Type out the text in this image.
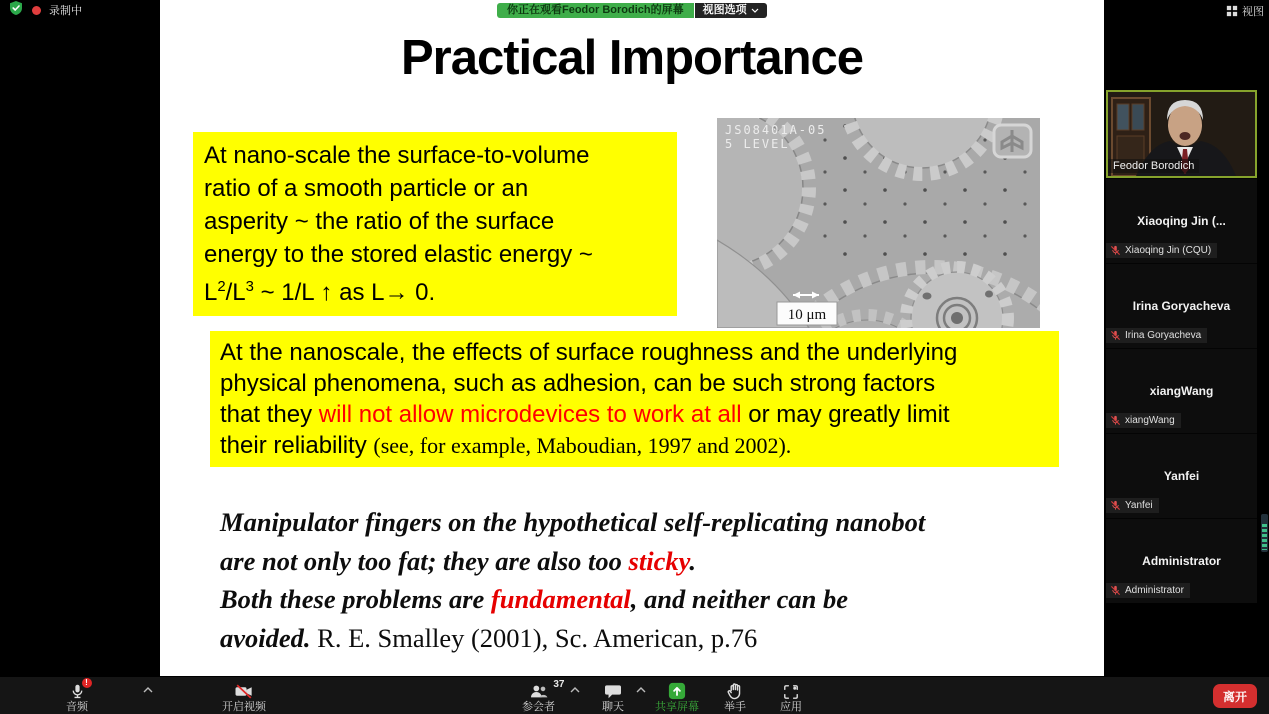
录制中	你正在观看Feodor Borodich的屏幕	视图选项	视图
Practical Importance
At nano-scale the surface-to-volume
ratio of a smooth particle or an
asperity ~ the ratio of the surface
energy to the stored elastic energy ~
$L^2/L^3$ ~ 1/L ↑ as L→ 0.
JS08401A-05
5 LEVEL
10 μm
At the nanoscale, the effects of surface roughness and the underlying
physical phenomena, such as adhesion, can be such strong factors
that they will not allow microdevices to work at all or may greatly limit
their reliability (see, for example, Maboudian, 1997 and 2002).
Manipulator fingers on the hypothetical self-replicating nanobot
are not only too fat; they are also too sticky.
Both these problems are fundamental, and neither can be
avoided. R. E. Smalley (2001), Sc. American, p.76
Feodor Borodich
Xiaoqing Jin (...
Xiaoqing Jin (CQU)
Irina Goryacheva
Irina Goryacheva
xiangWang
xiangWang
Yanfei
Yanfei
Administrator
Administrator
!
音频	开启视频
37
参会者	聊天	共享屏幕 举手	应用
离开
